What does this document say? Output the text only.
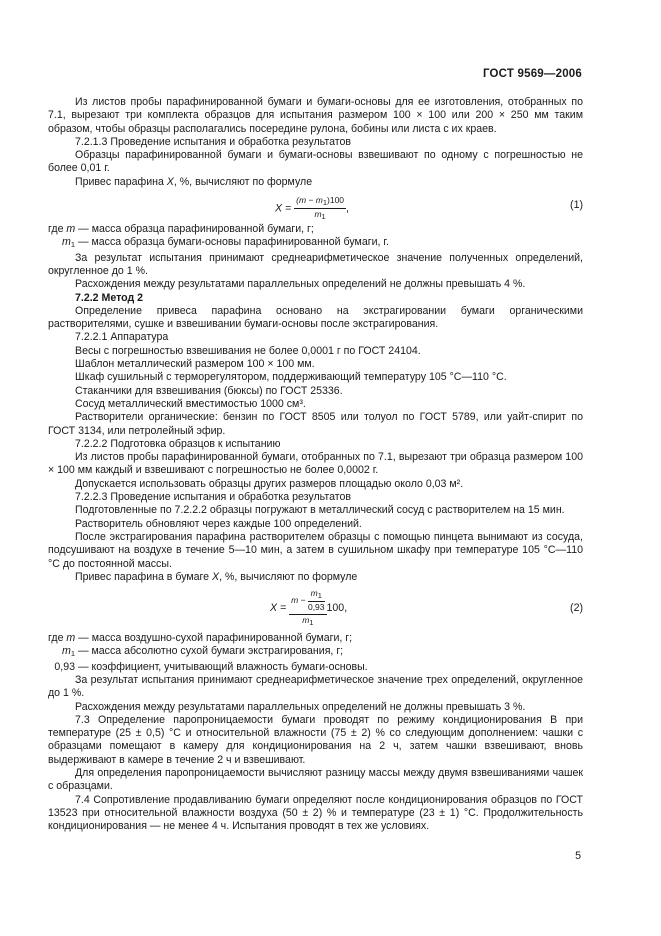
ГОСТ 9569—2006

Из листов пробы парафинированной бумаги и бумаги-основы для ее изготовления, отобранных по 7.1, вырезают три комплекта образцов для испытания размером 100 × 100 или 200 × 250 мм таким образом, чтобы образцы располагались посередине рулона, бобины или листа с их краев.

7.2.1.3 Проведение испытания и обработка результатов

Образцы парафинированной бумаги и бумаги-основы взвешивают по одному с погрешностью не более 0,01 г.

Привес парафина X, %, вычисляют по формуле

$X = \frac{(m - m1)100}{m1}$ ,	(1)

где m — масса образца парафинированной бумаги, г;

$m_1$ — масса образца бумаги-основы парафинированной бумаги, г.

За результат испытания принимают среднеарифметическое значение полученных определений, округленное до 1 %.

Расхождения между результатами параллельных определений не должны превышать 4 %.

7.2.2 Метод 2

Определение привеса парафина основано на экстрагировании бумаги органическими растворителями, сушке и взвешивании бумаги-основы после экстрагирования.

7.2.2.1 Аппаратура

Весы с погрешностью взвешивания не более 0,0001 г по ГОСТ 24104.

Шаблон металлический размером 100 × 100 мм.

Шкаф сушильный с терморегулятором, поддерживающий температуру 105 °С—110 °С.

Стаканчики для взвешивания (бюксы) по ГОСТ 25336.

Сосуд металлический вместимостью 1000 см³.

Растворители органические: бензин по ГОСТ 8505 или толуол по ГОСТ 5789, или уайт-спирит по ГОСТ 3134, или петролейный эфир.

7.2.2.2 Подготовка образцов к испытанию

Из листов пробы парафинированной бумаги, отобранных по 7.1, вырезают три образца размером 100 × 100 мм каждый и взвешивают с погрешностью не более 0,0002 г.

Допускается использовать образцы других размеров площадью около 0,03 м².

7.2.2.3 Проведение испытания и обработка результатов

Подготовленные по 7.2.2.2 образцы погружают в металлический сосуд с растворителем на 15 мин.

Растворитель обновляют через каждые 100 определений.

После экстрагирования парафина растворителем образцы с помощью пинцета вынимают из сосуда, подсушивают на воздухе в течение 5—10 мин, а затем в сушильном шкафу при температуре 105 °С—110 °С до постоянной массы.

Привес парафина в бумаге X, %, вычисляют по формуле

X =
$m - \frac{m1}{0,93}$
m1
100,	(2)

где m — масса воздушно-сухой парафинированной бумаги, г;

$m_1$ — масса абсолютно сухой бумаги экстрагирования, г;

0,93 — коэффициент, учитывающий влажность бумаги-основы.

За результат испытания принимают среднеарифметическое значение трех определений, округленное до 1 %.

Расхождения между результатами параллельных определений не должны превышать 3 %.

7.3 Определение паропроницаемости бумаги проводят по режиму кондиционирования В при температуре (25 ± 0,5) °С и относительной влажности (75 ± 2) % со следующим дополнением: чашки с образцами помещают в камеру для кондиционирования на 2 ч, затем чашки взвешивают, вновь выдерживают в камере в течение 2 ч и взвешивают.

Для определения паропроницаемости вычисляют разницу массы между двумя взвешиваниями чашек с образцами.

7.4 Сопротивление продавливанию бумаги определяют после кондиционирования образцов по ГОСТ 13523 при относительной влажности воздуха (50 ± 2) % и температуре (23 ± 1) °С. Продолжительность кондиционирования — не менее 4 ч. Испытания проводят в тех же условиях.

5
